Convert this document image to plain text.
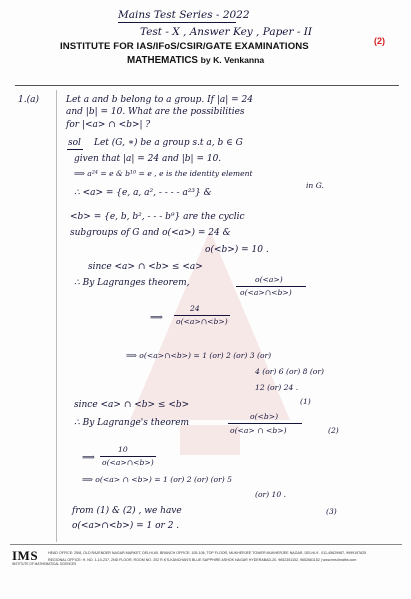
Mains Test Series - 2022
Test - X , Answer Key , Paper - II
INSTITUTE FOR IAS/IFoS/CSIR/GATE EXAMINATIONS
MATHEMATICS by K. Venkanna
(2)
1.(a)	Let a and b belong to a group. If |a| = 24
and |b| = 10. What are the possibilities
for |<a> ∩ <b>| ?
sol Let (G, ∗) be a group s.t a, b ∈ G
given that |a| = 24 and |b| = 10.
⟹ a²⁴ = e & b¹⁰ = e , e is the identity element
in G.
∴ <a> = {e, a, a², - - - - a²³} &
<b> = {e, b, b², - - - b⁹} are the cyclic
subgroups of G and o(<a>) = 24 &
o(<b>) = 10 .
since <a> ∩ <b> ≤ <a>
∴ By Lagranges theorem,	o(<a>)
o(<a>∩<b>)
⟹
24
o(<a>∩<b>)
⟹ o(<a>∩<b>) = 1 (or) 2 (or) 3 (or)
4 (or) 6 (or) 8 (or)
12 (or) 24 .
(1)
since <a> ∩ <b> ≤ <b>
∴ By Lagrange's theorem
o(<b>)
o(<a> ∩ <b>)	(2)
⟹
10
o(<a>∩<b>)
⟹ o(<a> ∩ <b>) = 1 (or) 2 (or) (or) 5
(or) 10 .
from (1) & (2) , we have
o(<a>∩<b>) = 1 or 2 .
(3)
IMS
INSTITUTE OF MATHEMATICAL SCIENCES
HEAD OFFICE: 25/8, OLD RAJENDER NAGAR MARKET, DELHI-60. BRANCH OFFICE: 105-106, TOP FLOOR, MUKHERJEE TOWER MUKHERJEE NAGAR, DELHI-9 . 011-45629987, 9999197625
REGIONAL OFFICE: H. NO. 1-10-237, 2ND FLOOR, ROOM NO. 202 R.K'S-KANCHAN'S BLUE SAPPHIRE ASHOK NAGAR HYDERABAD-20. 9652351152, 9652661152 | www.ims4maths.com
